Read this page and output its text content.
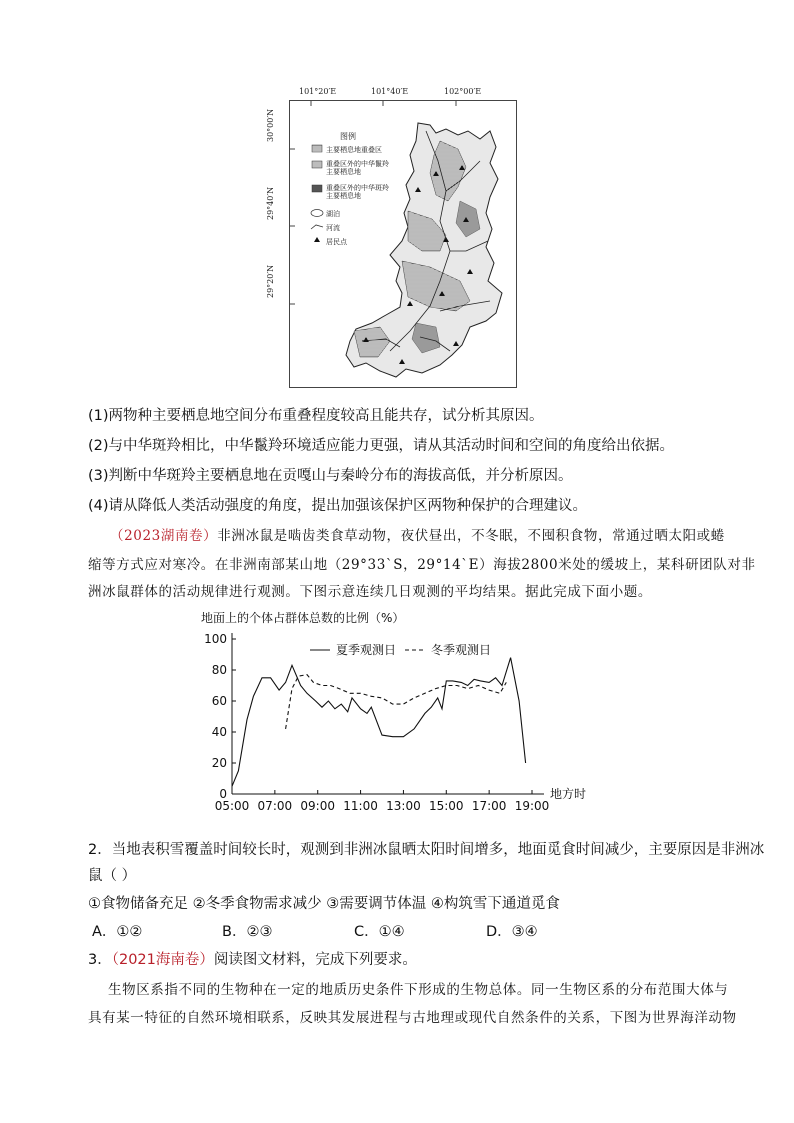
101°20′E	101°40′E	102°00′E
图例
主要栖息地重叠区
重叠区外的中华鬣羚
主要栖息地
重叠区外的中华斑羚
主要栖息地
湖泊
河流
居民点
30°00′N
29°40′N
29°20′N
(1)两物种主要栖息地空间分布重叠程度较高且能共存，试分析其原因。
(2)与中华斑羚相比，中华鬣羚环境适应能力更强，请从其活动时间和空间的角度给出依据。
(3)判断中华斑羚主要栖息地在贡嘎山与秦岭分布的海拔高低，并分析原因。
(4)请从降低人类活动强度的角度，提出加强该保护区两物种保护的合理建议。
（2023湖南卷）非洲冰鼠是啮齿类食草动物，夜伏昼出，不冬眠，不囤积食物，常通过晒太阳或蜷
缩等方式应对寒冷。在非洲南部某山地（29°33`S，29°14`E）海拔2800米处的缓坡上，某科研团队对非
洲冰鼠群体的活动规律进行观测。下图示意连续几日观测的平均结果。据此完成下面小题。
地面上的个体占群体总数的比例（%）
0
20
40
60
80
100
05:00 07:00 09:00 11:00 13:00 15:00 17:00 19:00
地方时
夏季观测日	冬季观测日
2．当地表积雪覆盖时间较长时，观测到非洲冰鼠晒太阳时间增多，地面觅食时间减少，主要原因是非洲冰
鼠（ ）
①食物储备充足 ②冬季食物需求减少 ③需要调节体温 ④构筑雪下通道觅食
A．①②	B．②③	C．①④	D．③④
3．（2021海南卷）阅读图文材料，完成下列要求。
生物区系指不同的生物种在一定的地质历史条件下形成的生物总体。同一生物区系的分布范围大体与
具有某一特征的自然环境相联系，反映其发展进程与古地理或现代自然条件的关系，下图为世界海洋动物
